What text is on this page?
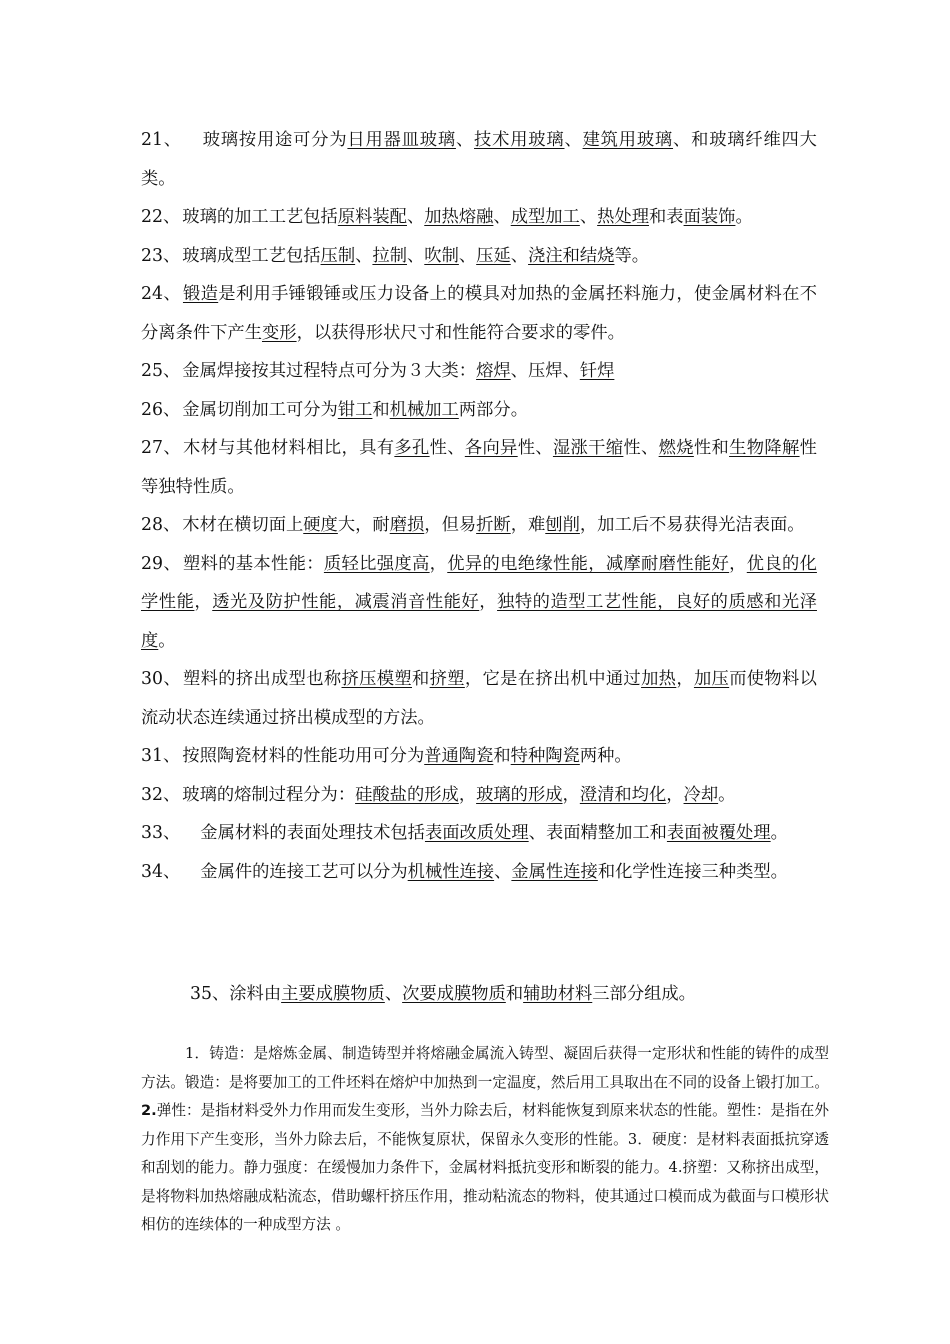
21、 玻璃按用途可分为日用器皿玻璃、技术用玻璃、建筑用玻璃、和玻璃纤维四大类。

22、 玻璃的加工工艺包括原料装配、加热熔融、成型加工、热处理和表面装饰。

23、 玻璃成型工艺包括压制、拉制、吹制、压延、浇注和结烧等。

24、 锻造是利用手锤锻锤或压力设备上的模具对加热的金属抷料施力，使金属材料在不分离条件下产生变形，以获得形状尺寸和性能符合要求的零件。

25、 金属焊接按其过程特点可分为３大类：熔焊、压焊、钎焊

26、 金属切削加工可分为钳工和机械加工两部分。

27、 木材与其他材料相比，具有多孔性、各向异性、湿涨干缩性、燃烧性和生物降解性等独特性质。

28、 木材在横切面上硬度大，耐磨损，但易折断，难刨削，加工后不易获得光洁表面。

29、 塑料的基本性能：质轻比强度高，优异的电绝缘性能，减摩耐磨性能好，优良的化学性能，透光及防护性能，减震消音性能好，独特的造型工艺性能，良好的质感和光泽度。

30、 塑料的挤出成型也称挤压模塑和挤塑，它是在挤出机中通过加热，加压而使物料以流动状态连续通过挤出模成型的方法。

31、 按照陶瓷材料的性能功用可分为普通陶瓷和特种陶瓷两种。

32、 玻璃的熔制过程分为：硅酸盐的形成，玻璃的形成，澄清和均化，冷却。

33、 金属材料的表面处理技术包括表面改质处理、表面精整加工和表面被覆处理。

34、 金属件的连接工艺可以分为机械性连接、金属性连接和化学性连接三种类型。

35、涂料由主要成膜物质、次要成膜物质和辅助材料三部分组成。

1．铸造：是熔炼金属、制造铸型并将熔融金属流入铸型、凝固后获得一定形状和性能的铸件的成型方法。锻造：是将要加工的工件坯料在熔炉中加热到一定温度，然后用工具取出在不同的设备上锻打加工。2.弹性：是指材料受外力作用而发生变形，当外力除去后，材料能恢复到原来状态的性能。塑性：是指在外力作用下产生变形，当外力除去后，不能恢复原状，保留永久变形的性能。3．硬度：是材料表面抵抗穿透和刮划的能力。静力强度：在缓慢加力条件下，金属材料抵抗变形和断裂的能力。4.挤塑：又称挤出成型，是将物料加热熔融成粘流态，借助螺杆挤压作用，推动粘流态的物料，使其通过口模而成为截面与口模形状相仿的连续体的一种成型方法 。
